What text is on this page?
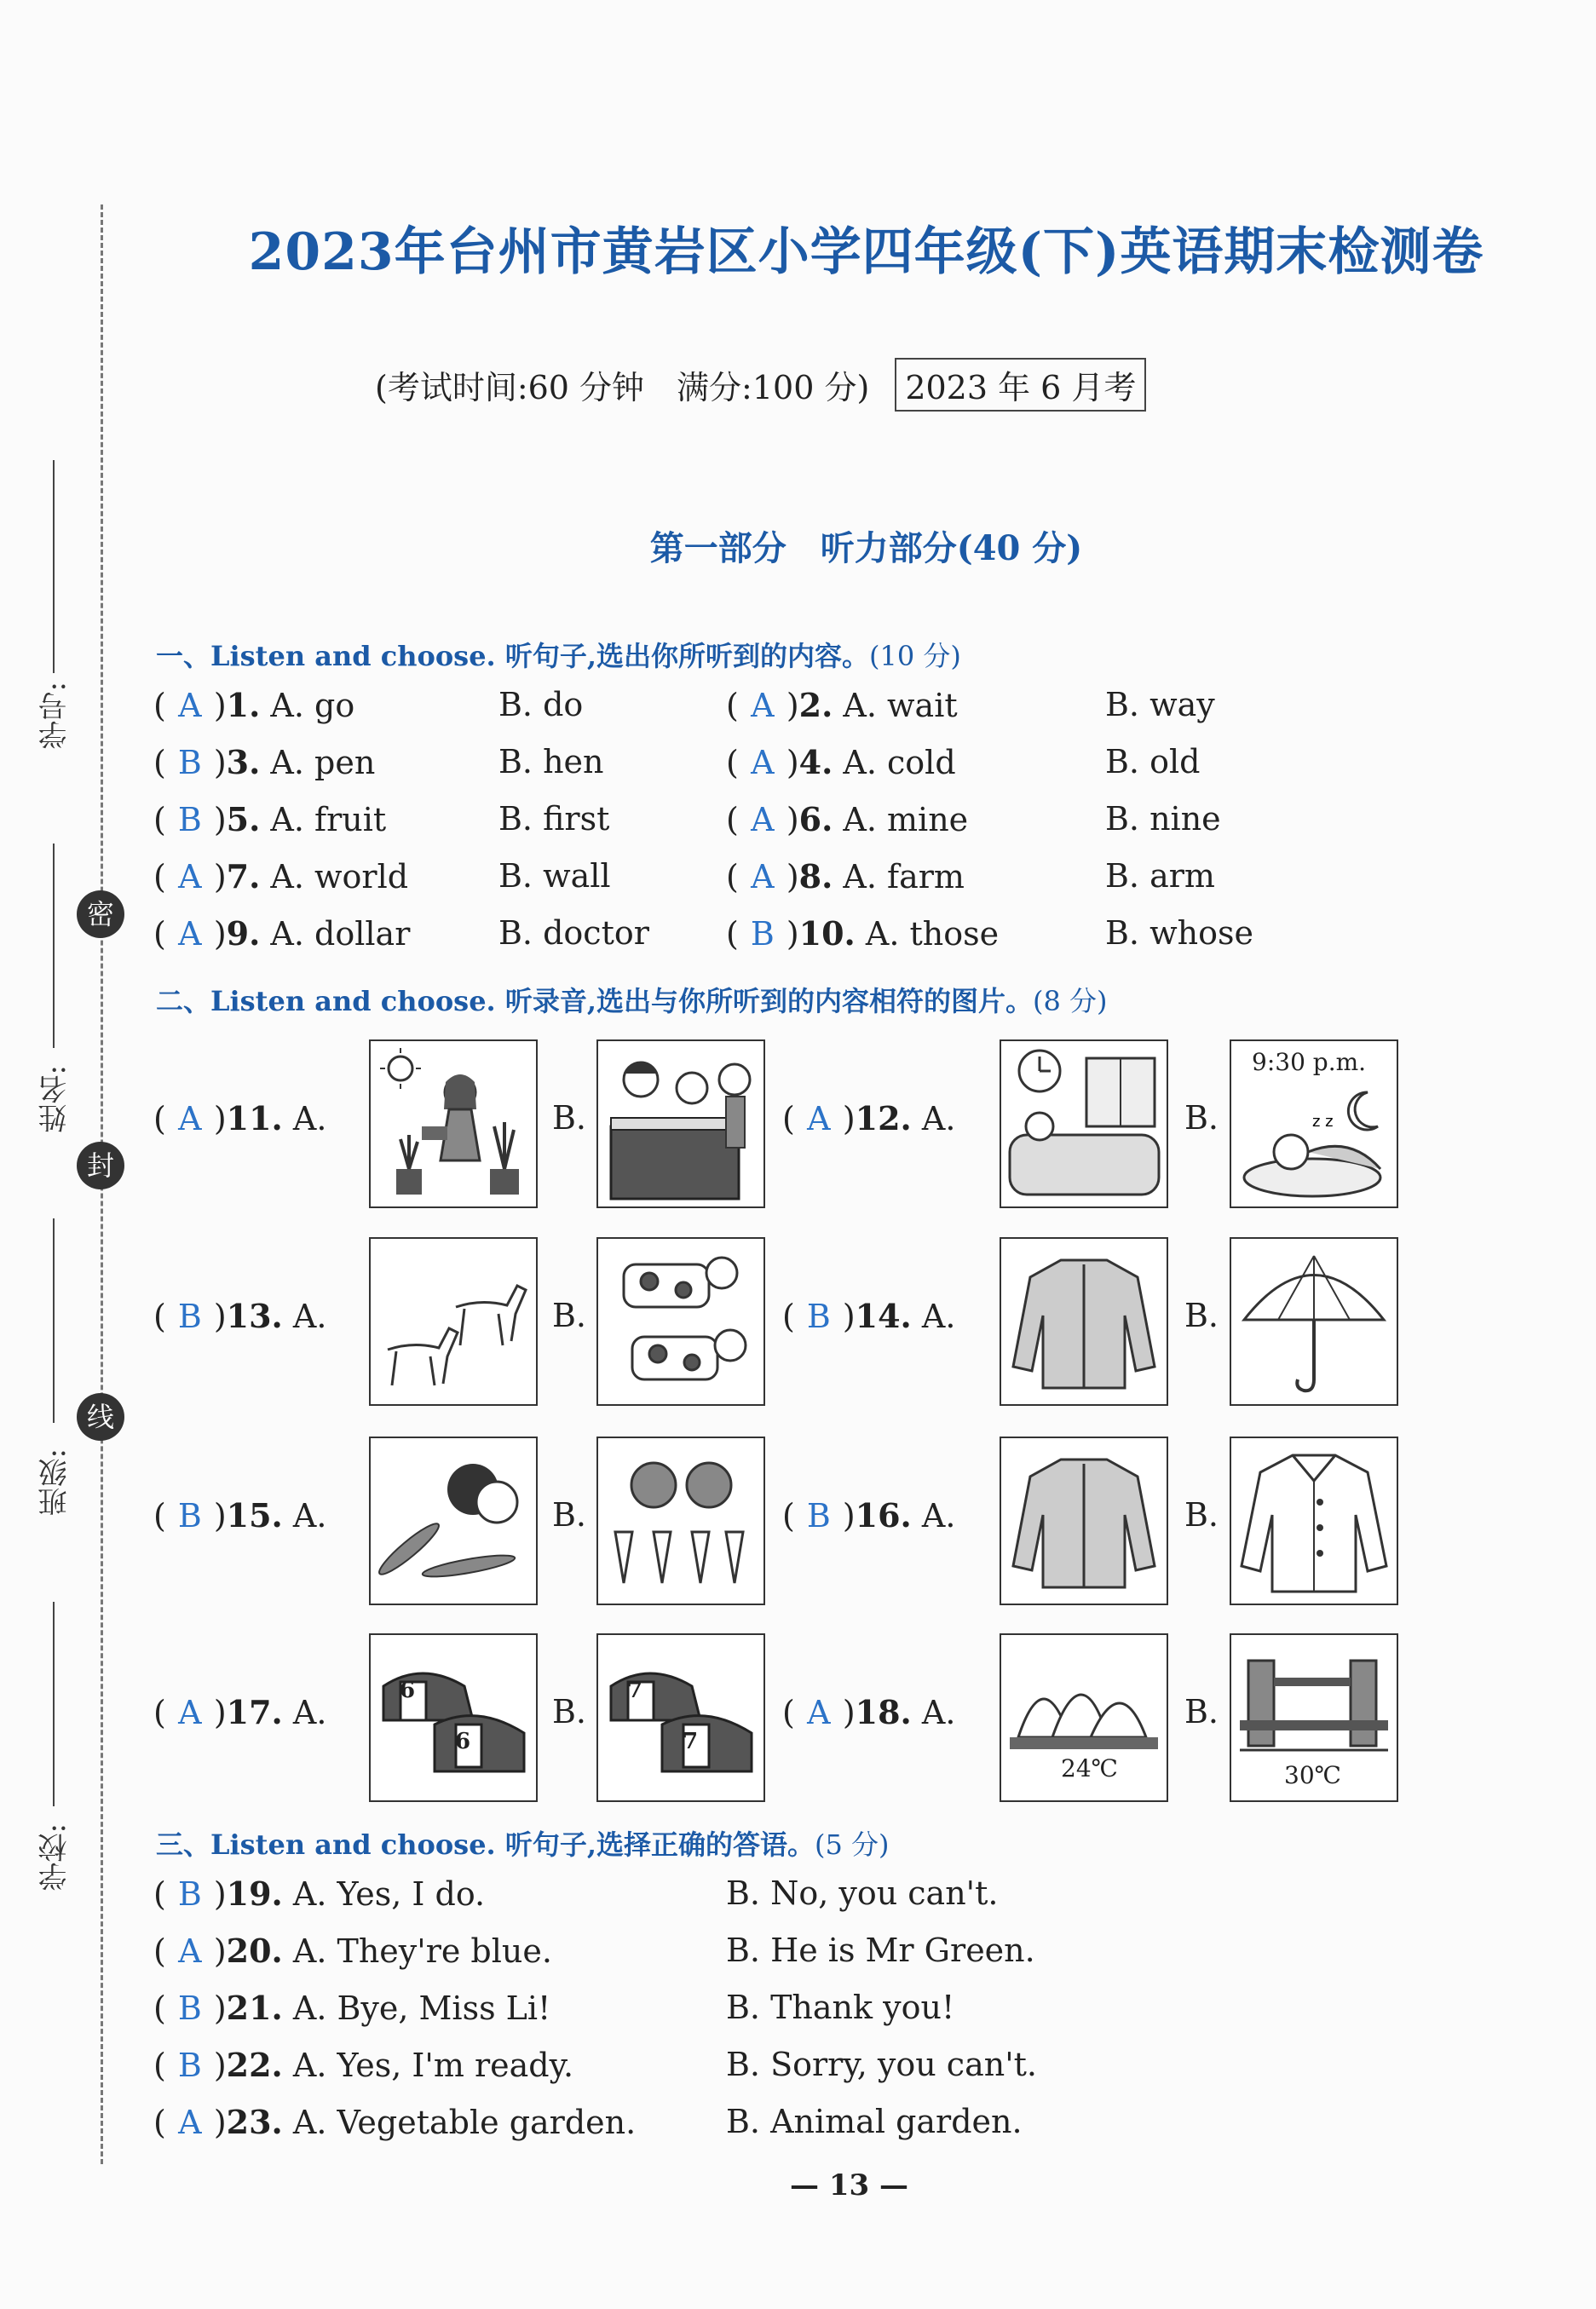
密
封
线
学号:
姓名:
班级:
学校:
2023年台州市黄岩区小学四年级(下)英语期末检测卷
(考试时间:60 分钟　满分:100 分)	2023 年 6 月考
第一部分　听力部分(40 分)
一、Listen and choose. 听句子,选出你所听到的内容。(10 分)
( A )1. A. go	B. do	( A )2. A. wait	B. way
( B )3. A. pen	B. hen	( A )4. A. cold	B. old
( B )5. A. fruit	B. first	( A )6. A. mine	B. nine
( A )7. A. world	B. wall	( A )8. A. farm	B. arm
( A )9. A. dollar	B. doctor ( B )10. A. those	B. whose
二、Listen and choose. 听录音,选出与你所听到的内容相符的图片。(8 分)
( A )11. A.	B.	( A )12. A.	B.
9:30 p.m.
z z
( B )13. A.	B.	( B )14. A.	B.
( B )15. A.	B.	( B )16. A.	B.
( A )17. A.
6
6
B.
7
7
( A )18. A.
24℃
B.
30℃
三、Listen and choose. 听句子,选择正确的答语。(5 分)
( B )19. A. Yes, I do.	B. No, you can't.
( A )20. A. They're blue.	B. He is Mr Green.
( B )21. A. Bye, Miss Li!	B. Thank you!
( B )22. A. Yes, I'm ready.	B. Sorry, you can't.
( A )23. A. Vegetable garden.	B. Animal garden.
— 13 —
